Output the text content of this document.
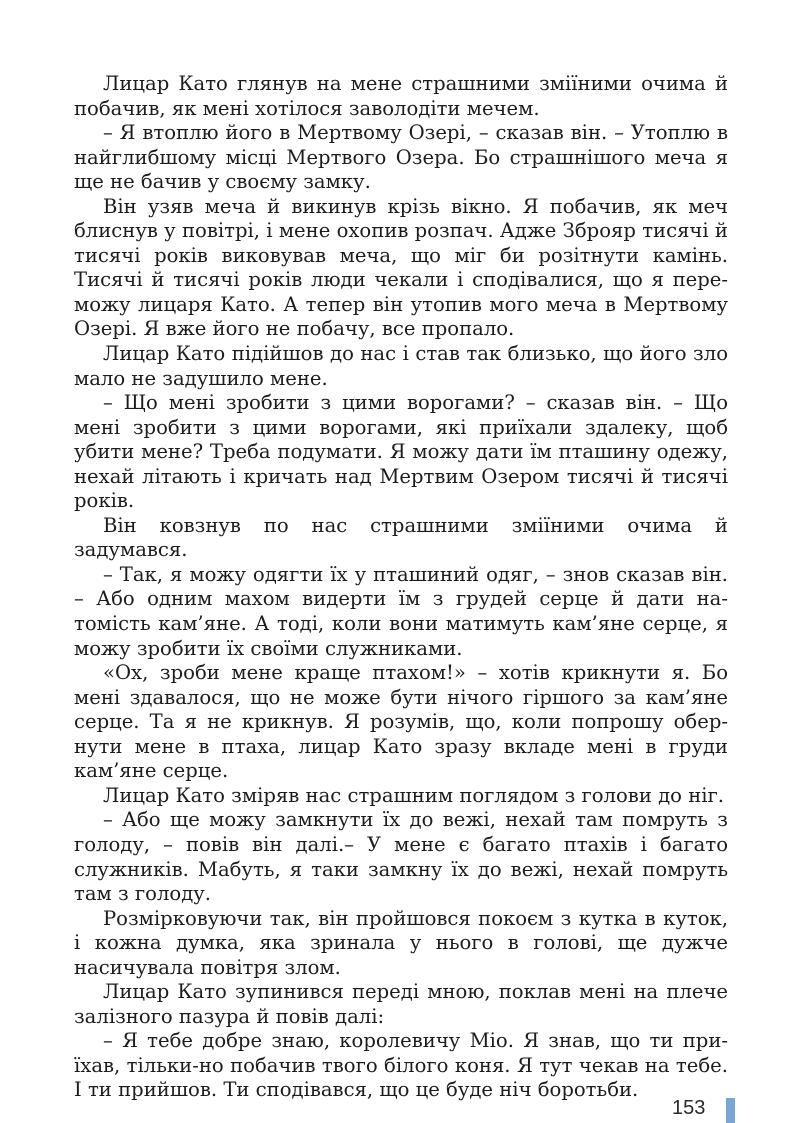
Лицар Като глянув на мене страшними зміїними очима й побачив, як мені хотілося заволодіти мечем.

– Я втоплю його в Мертвому Озері, – сказав він. – Утоплю в найглибшому місці Мертвого Озера. Бо страшнішого меча я ще не бачив у своєму замку.

Він узяв меча й викинув крізь вікно. Я побачив, як меч блиснув у повітрі, і мене охопив розпач. Адже Зброяр тисячі й тисячі років виковував меча, що міг би розітнути камінь. Тисячі й тисячі років люди чекали і сподівалися, що я переможу лицаря Като. А тепер він утопив мого меча в Мертвому Озері. Я вже його не побачу, все пропало.

Лицар Като підійшов до нас і став так близько, що його зло мало не задушило мене.

– Що мені зробити з цими ворогами? – сказав він. – Що мені зробити з цими ворогами, які приїхали здалеку, щоб убити мене? Треба подумати. Я можу дати їм пташину одежу, нехай літають і кричать над Мертвим Озером тисячі й тисячі років.

Він ковзнув по нас страшними зміїними очима й задумався.

– Так, я можу одягти їх у пташиний одяг, – знов сказав він. – Або одним махом видерти їм з грудей серце й дати натомість кам’яне. А тоді, коли вони матимуть кам’яне серце, я можу зробити їх своїми служниками.

«Ох, зроби мене краще птахом!» – хотів крикнути я. Бо мені здавалося, що не може бути нічого гіршого за кам’яне серце. Та я не крикнув. Я розумів, що, коли попрошу обернути мене в птаха, лицар Като зразу вкладе мені в груди кам’яне серце.

Лицар Като зміряв нас страшним поглядом з голови до ніг.

– Або ще можу замкнути їх до вежі, нехай там помруть з голоду, – повів він далі.– У мене є багато птахів і багато служників. Мабуть, я таки замкну їх до вежі, нехай помруть там з голоду.

Розмірковуючи так, він пройшовся покоєм з кутка в куток, і кожна думка, яка зринала у нього в голові, ще дужче насичувала повітря злом.

Лицар Като зупинився переді мною, поклав мені на плече залізного пазура й повів далі:

– Я тебе добре знаю, королевичу Міо. Я знав, що ти приїхав, тільки-но побачив твого білого коня. Я тут чекав на тебе. І ти прийшов. Ти сподівався, що це буде ніч боротьби.

153
